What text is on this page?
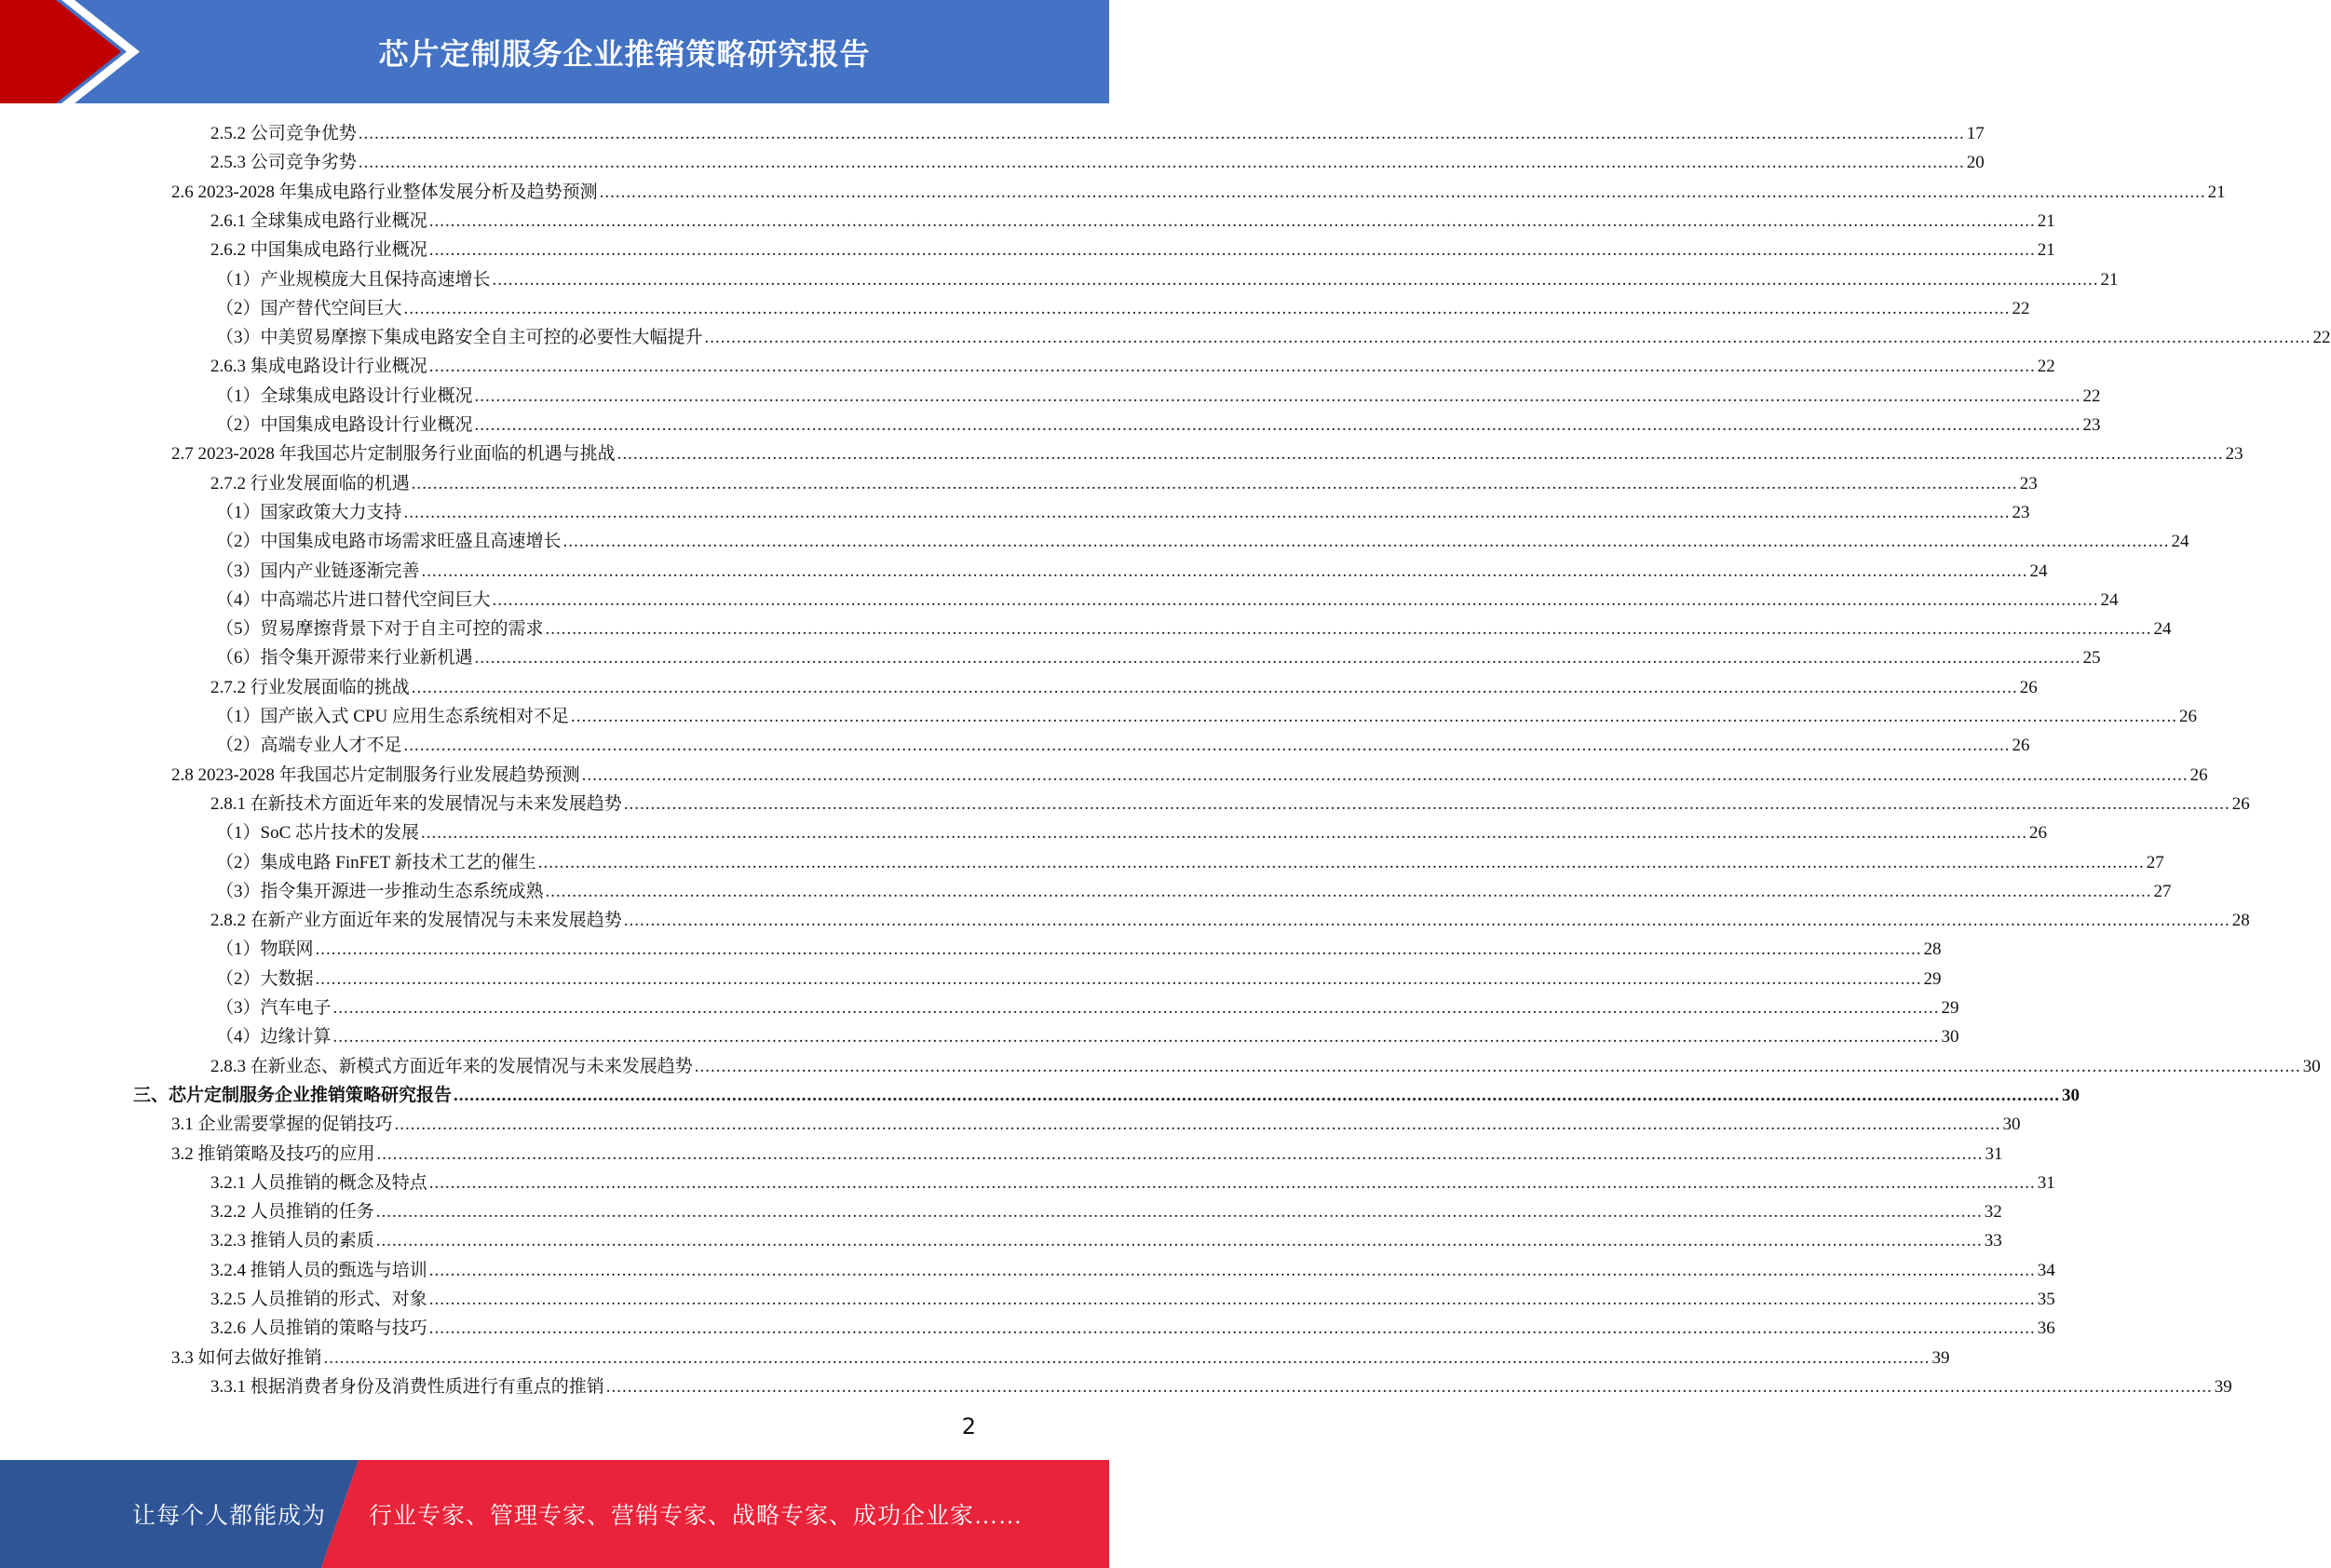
芯片定制服务企业推销策略研究报告
2.5.2 公司竞争优势 ............................................................................................................................................................................................................................................................................................................ 17
2.5.3 公司竞争劣势 ............................................................................................................................................................................................................................................................................................................ 20
2.6 2023-2028 年集成电路行业整体发展分析及趋势预测 ............................................................................................................................................................................................................................................................................................................ 21
2.6.1 全球集成电路行业概况 ............................................................................................................................................................................................................................................................................................................ 21
2.6.2 中国集成电路行业概况 ............................................................................................................................................................................................................................................................................................................ 21
（1）产业规模庞大且保持高速增长 ............................................................................................................................................................................................................................................................................................................ 21
（2）国产替代空间巨大 ............................................................................................................................................................................................................................................................................................................ 22
（3）中美贸易摩擦下集成电路安全自主可控的必要性大幅提升 ............................................................................................................................................................................................................................................................................................................ 22
2.6.3 集成电路设计行业概况 ............................................................................................................................................................................................................................................................................................................ 22
（1）全球集成电路设计行业概况 ............................................................................................................................................................................................................................................................................................................ 22
（2）中国集成电路设计行业概况 ............................................................................................................................................................................................................................................................................................................ 23
2.7 2023-2028 年我国芯片定制服务行业面临的机遇与挑战 ............................................................................................................................................................................................................................................................................................................ 23
2.7.2 行业发展面临的机遇 ............................................................................................................................................................................................................................................................................................................ 23
（1）国家政策大力支持 ............................................................................................................................................................................................................................................................................................................ 23
（2）中国集成电路市场需求旺盛且高速增长 ............................................................................................................................................................................................................................................................................................................ 24
（3）国内产业链逐渐完善 ............................................................................................................................................................................................................................................................................................................ 24
（4）中高端芯片进口替代空间巨大 ............................................................................................................................................................................................................................................................................................................ 24
（5）贸易摩擦背景下对于自主可控的需求 ............................................................................................................................................................................................................................................................................................................ 24
（6）指令集开源带来行业新机遇 ............................................................................................................................................................................................................................................................................................................ 25
2.7.2 行业发展面临的挑战 ............................................................................................................................................................................................................................................................................................................ 26
（1）国产嵌入式 CPU 应用生态系统相对不足 ............................................................................................................................................................................................................................................................................................................ 26
（2）高端专业人才不足 ............................................................................................................................................................................................................................................................................................................ 26
2.8 2023-2028 年我国芯片定制服务行业发展趋势预测 ............................................................................................................................................................................................................................................................................................................ 26
2.8.1 在新技术方面近年来的发展情况与未来发展趋势 ............................................................................................................................................................................................................................................................................................................ 26
（1）SoC 芯片技术的发展 ............................................................................................................................................................................................................................................................................................................ 26
（2）集成电路 FinFET 新技术工艺的催生 ............................................................................................................................................................................................................................................................................................................ 27
（3）指令集开源进一步推动生态系统成熟 ............................................................................................................................................................................................................................................................................................................ 27
2.8.2 在新产业方面近年来的发展情况与未来发展趋势 ............................................................................................................................................................................................................................................................................................................ 28
（1）物联网 ............................................................................................................................................................................................................................................................................................................ 28
（2）大数据 ............................................................................................................................................................................................................................................................................................................ 29
（3）汽车电子 ............................................................................................................................................................................................................................................................................................................ 29
（4）边缘计算 ............................................................................................................................................................................................................................................................................................................ 30
2.8.3 在新业态、新模式方面近年来的发展情况与未来发展趋势 ............................................................................................................................................................................................................................................................................................................ 30
三、芯片定制服务企业推销策略研究报告 ............................................................................................................................................................................................................................................................................................................ 30
3.1 企业需要掌握的促销技巧 ............................................................................................................................................................................................................................................................................................................ 30
3.2 推销策略及技巧的应用 ............................................................................................................................................................................................................................................................................................................ 31
3.2.1 人员推销的概念及特点 ............................................................................................................................................................................................................................................................................................................ 31
3.2.2 人员推销的任务 ............................................................................................................................................................................................................................................................................................................ 32
3.2.3 推销人员的素质 ............................................................................................................................................................................................................................................................................................................ 33
3.2.4 推销人员的甄选与培训 ............................................................................................................................................................................................................................................................................................................ 34
3.2.5 人员推销的形式、对象 ............................................................................................................................................................................................................................................................................................................ 35
3.2.6 人员推销的策略与技巧 ............................................................................................................................................................................................................................................................................................................ 36
3.3 如何去做好推销 ............................................................................................................................................................................................................................................................................................................ 39
3.3.1 根据消费者身份及消费性质进行有重点的推销 ............................................................................................................................................................................................................................................................................................................ 39
2
让每个人都能成为 行业专家、管理专家、营销专家、战略专家、成功企业家……
